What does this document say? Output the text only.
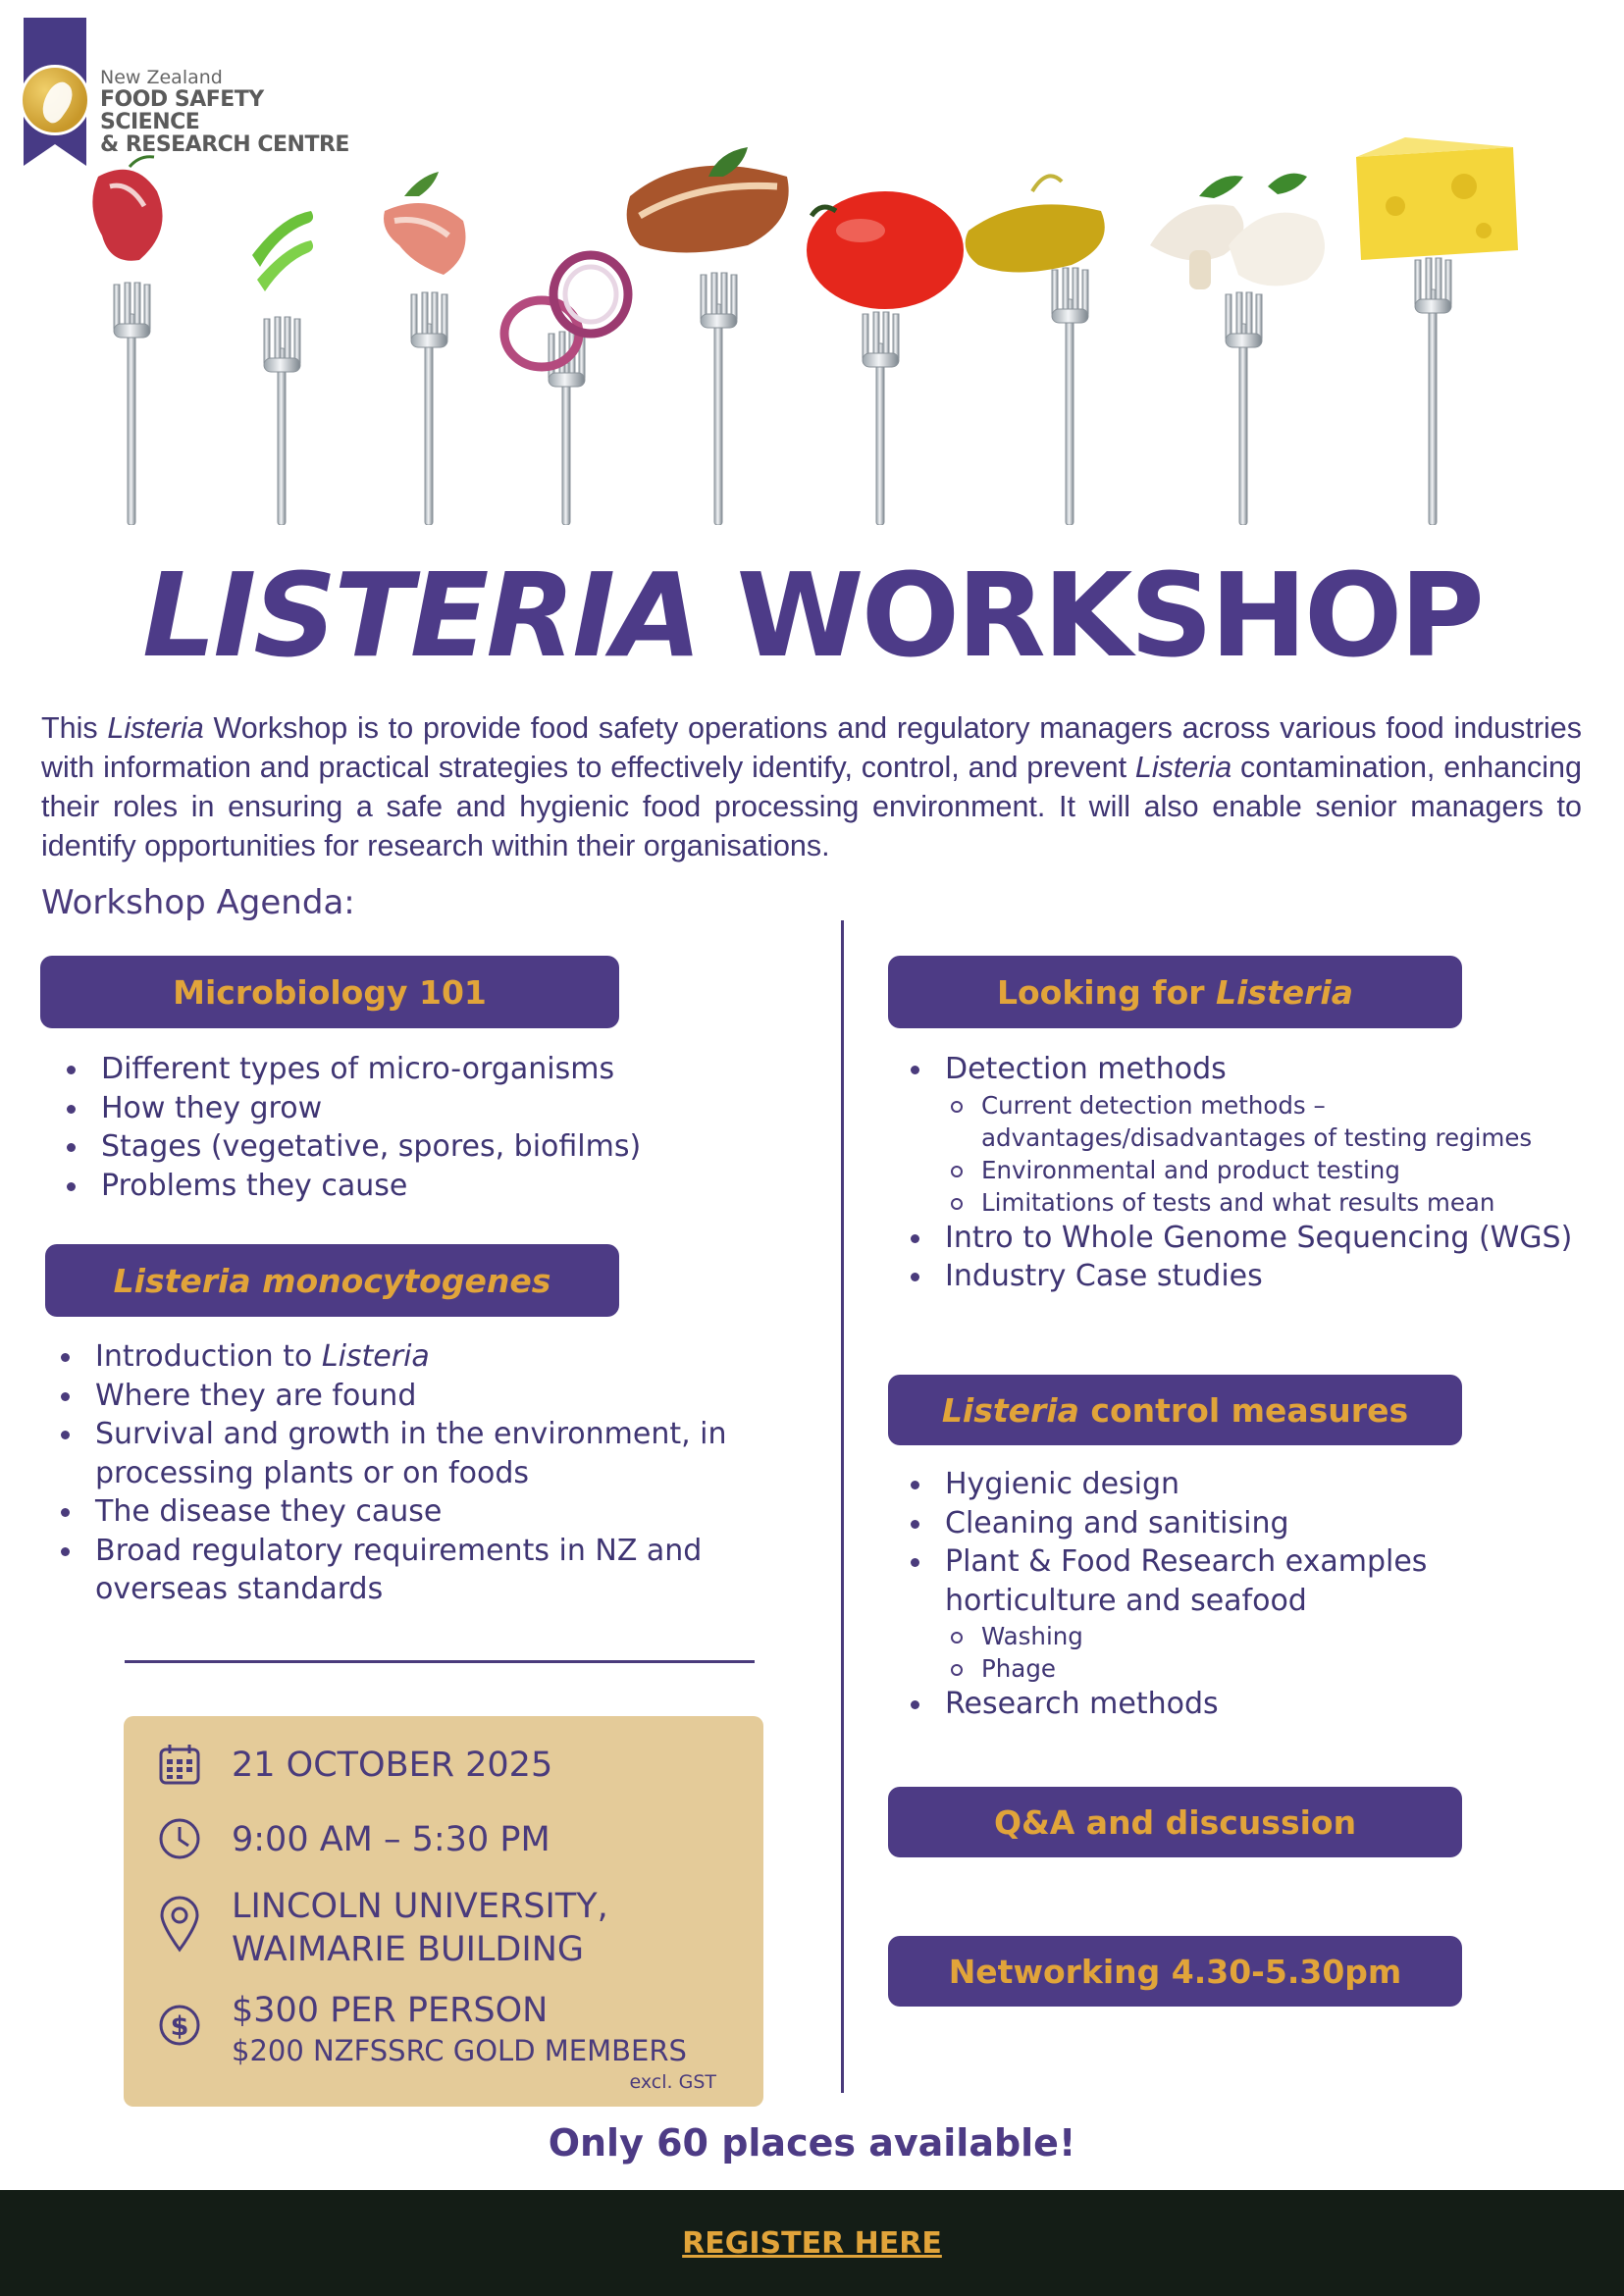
New Zealand
FOOD SAFETY SCIENCE
& RESEARCH CENTRE
LISTERIA WORKSHOP

This Listeria Workshop is to provide food safety operations and regulatory managers across various food industries with information and practical strategies to effectively identify, control, and prevent Listeria contamination, enhancing their roles in ensuring a safe and hygienic food processing environment. It will also enable senior managers to identify opportunities for research within their organisations.

Workshop Agenda:
Microbiology 101
Different types of micro-organisms
How they grow
Stages (vegetative, spores, biofilms)
Problems they cause
Listeria monocytogenes
Introduction to Listeria
Where they are found
Survival and growth in the environment, in processing plants or on foods
The disease they cause
Broad regulatory requirements in NZ and overseas standards
21 OCTOBER 2025
9:00 AM – 5:30 PM
LINCOLN UNIVERSITY,
WAIMARIE BUILDING
$ $300 PER PERSON
$200 NZFSSRC GOLD MEMBERS
excl. GST
Looking for Listeria
Detection methods
Current detection methods – advantages/disadvantages of testing regimes
Environmental and product testing
Limitations of tests and what results mean
Intro to Whole Genome Sequencing (WGS)
Industry Case studies
Listeria control measures
Hygienic design
Cleaning and sanitising
Plant & Food Research examples horticulture and seafood
Washing
Phage
Research methods
Q&A and discussion
Networking 4.30-5.30pm
Only 60 places available!
REGISTER HERE
